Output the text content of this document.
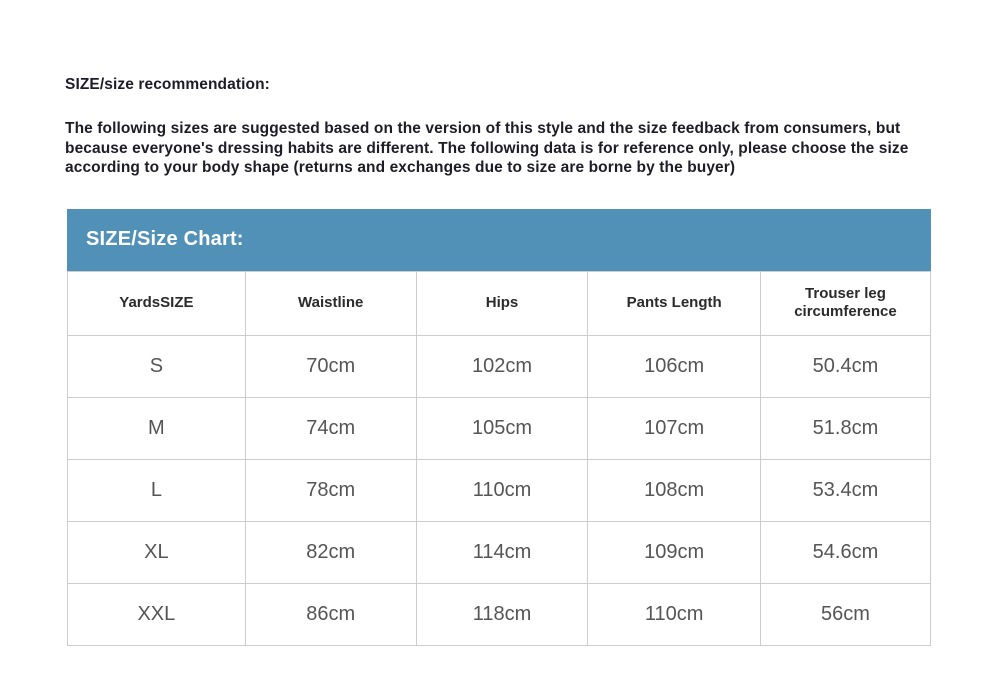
SIZE/size recommendation:
The following sizes are suggested based on the version of this style and the size feedback from consumers, but because everyone's dressing habits are different. The following data is for reference only, please choose the size according to your body shape (returns and exchanges due to size are borne by the buyer)
SIZE/Size Chart:
YardsSIZE	Waistline	Hips	Pants Length	Trouser leg circumference
S	70cm	102cm	106cm	50.4cm
M	74cm	105cm	107cm	51.8cm
L	78cm	110cm	108cm	53.4cm
XL	82cm	114cm	109cm	54.6cm
XXL	86cm	118cm	110cm	56cm
